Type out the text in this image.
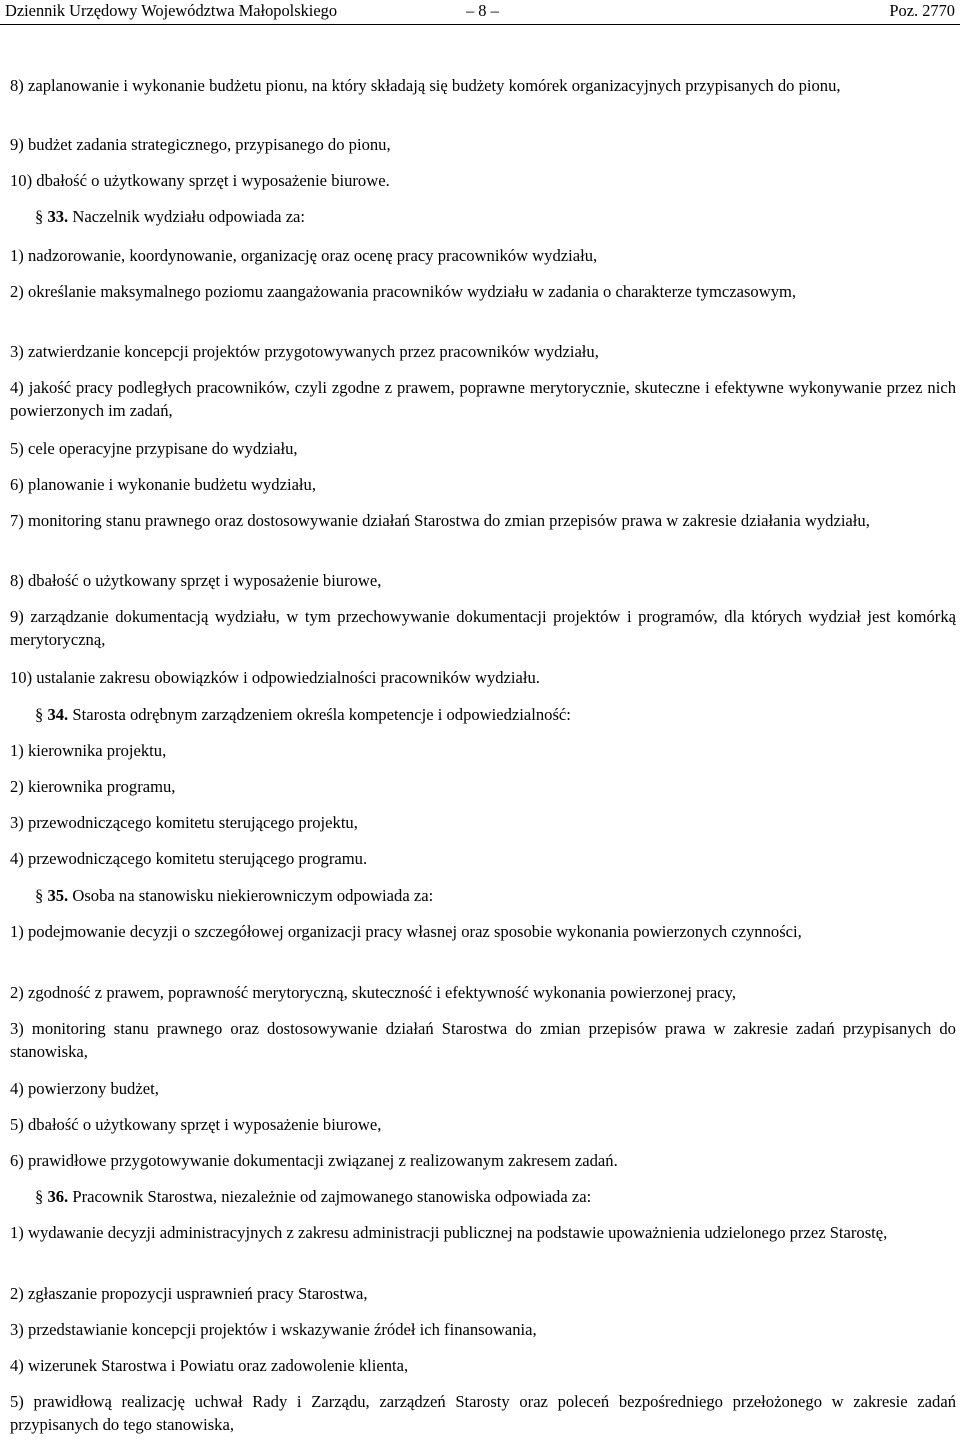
Dziennik Urzędowy Województwa Małopolskiego	– 8 –	Poz. 2770
8) zaplanowanie i wykonanie budżetu pionu, na który składają się budżety komórek organizacyjnych przypisanych do pionu,
9) budżet zadania strategicznego, przypisanego do pionu,
10) dbałość o użytkowany sprzęt i wyposażenie biurowe.
§ 33. Naczelnik wydziału odpowiada za:
1) nadzorowanie, koordynowanie, organizację oraz ocenę pracy pracowników wydziału,
2) określanie maksymalnego poziomu zaangażowania pracowników wydziału w zadania o charakterze tymczasowym,
3) zatwierdzanie koncepcji projektów przygotowywanych przez pracowników wydziału,
4) jakość pracy podległych pracowników, czyli zgodne z prawem, poprawne merytorycznie, skuteczne i efektywne wykonywanie przez nich powierzonych im zadań,
5) cele operacyjne przypisane do wydziału,
6) planowanie i wykonanie budżetu wydziału,
7) monitoring stanu prawnego oraz dostosowywanie działań Starostwa do zmian przepisów prawa w zakresie działania wydziału,
8) dbałość o użytkowany sprzęt i wyposażenie biurowe,
9) zarządzanie dokumentacją wydziału, w tym przechowywanie dokumentacji projektów i programów, dla których wydział jest komórką merytoryczną,
10) ustalanie zakresu obowiązków i odpowiedzialności pracowników wydziału.
§ 34. Starosta odrębnym zarządzeniem określa kompetencje i odpowiedzialność:
1) kierownika projektu,
2) kierownika programu,
3) przewodniczącego komitetu sterującego projektu,
4) przewodniczącego komitetu sterującego programu.
§ 35. Osoba na stanowisku niekierowniczym odpowiada za:
1) podejmowanie decyzji o szczegółowej organizacji pracy własnej oraz sposobie wykonania powierzonych czynności,
2) zgodność z prawem, poprawność merytoryczną, skuteczność i efektywność wykonania powierzonej pracy,
3) monitoring stanu prawnego oraz dostosowywanie działań Starostwa do zmian przepisów prawa w zakresie zadań przypisanych do stanowiska,
4) powierzony budżet,
5) dbałość o użytkowany sprzęt i wyposażenie biurowe,
6) prawidłowe przygotowywanie dokumentacji związanej z realizowanym zakresem zadań.
§ 36. Pracownik Starostwa, niezależnie od zajmowanego stanowiska odpowiada za:
1) wydawanie decyzji administracyjnych z zakresu administracji publicznej na podstawie upoważnienia udzielonego przez Starostę,
2) zgłaszanie propozycji usprawnień pracy Starostwa,
3) przedstawianie koncepcji projektów i wskazywanie źródeł ich finansowania,
4) wizerunek Starostwa i Powiatu oraz zadowolenie klienta,
5) prawidłową realizację uchwał Rady i Zarządu, zarządzeń Starosty oraz poleceń bezpośredniego przełożonego w zakresie zadań przypisanych do tego stanowiska,
